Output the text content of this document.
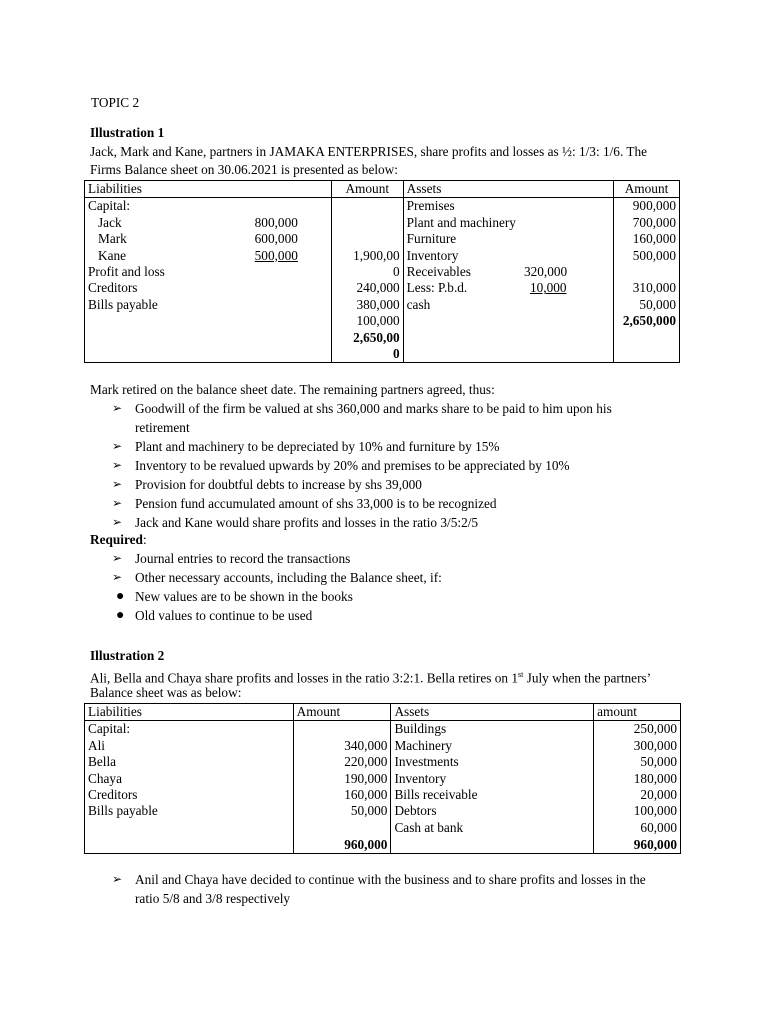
TOPIC 2
Illustration 1
Jack, Mark and Kane, partners in JAMAKA ENTERPRISES, share profits and losses as ½: 1/3: 1/6. The
Firms Balance sheet on 30.06.2021 is presented as below:
Liabilities		Amount	Assets		Amount
Capital:			Premises		900,000
Jack	800,000		Plant and machinery		700,000
Mark	600,000		Furniture		160,000
Kane	500,000	1,900,00	Inventory		500,000
Profit and loss		0	Receivables	320,000	
Creditors		240,000	Less: P.b.d.	10,000	310,000
Bills payable		380,000	cash		50,000
		100,000			2,650,000
		2,650,00			
		0			
Mark retired on the balance sheet date. The remaining partners agreed, thus:
➢ Goodwill of the firm be valued at shs 360,000 and marks share to be paid to him upon his
retirement
➢ Plant and machinery to be depreciated by 10% and furniture by 15%
➢ Inventory to be revalued upwards by 20% and premises to be appreciated by 10%
➢ Provision for doubtful debts to increase by shs 39,000
➢ Pension fund accumulated amount of shs 33,000 is to be recognized
➢ Jack and Kane would share profits and losses in the ratio 3/5:2/5
Required:
➢ Journal entries to record the transactions
➢ Other necessary accounts, including the Balance sheet, if:
● New values are to be shown in the books
● Old values to continue to be used
Illustration 2
Ali, Bella and Chaya share profits and losses in the ratio 3:2:1. Bella retires on 1st July when the partners’
Balance sheet was as below:
Liabilities	Amount	Assets	amount
Capital:		Buildings	250,000
Ali	340,000	Machinery	300,000
Bella	220,000	Investments	50,000
Chaya	190,000	Inventory	180,000
Creditors	160,000	Bills receivable	20,000
Bills payable	50,000	Debtors	100,000
		Cash at bank	60,000
	960,000		960,000
➢ Anil and Chaya have decided to continue with the business and to share profits and losses in the
ratio 5/8 and 3/8 respectively
